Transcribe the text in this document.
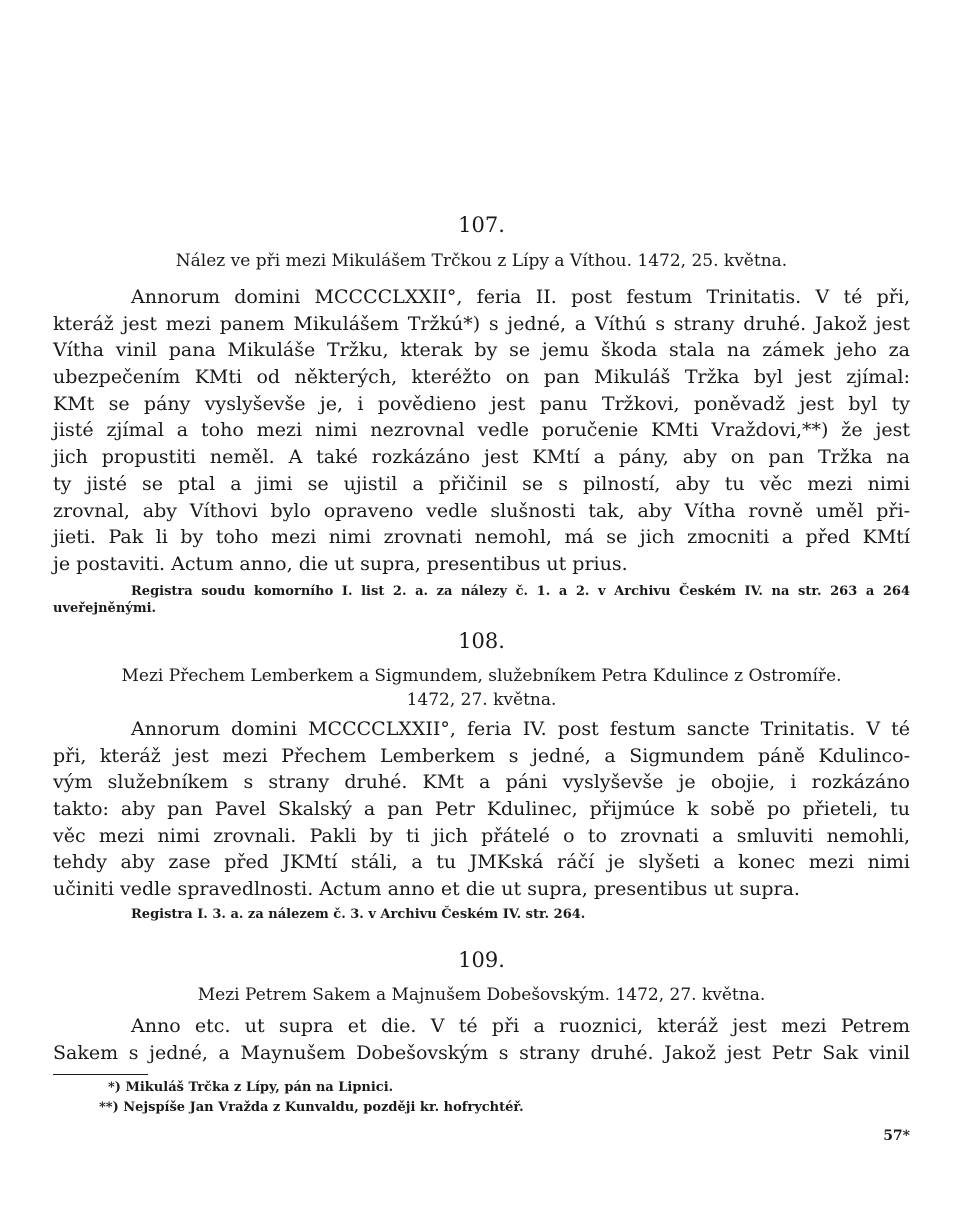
107.
Nález ve při mezi Mikulášem Trčkou z Lípy a Víthou. 1472, 25. května.
Annorum domini MCCCCLXXII°, feria II. post festum Trinitatis. V té při,
kteráž jest mezi panem Mikulášem Tržkú*) s jedné, a Víthú s strany druhé. Jakož jest
Vítha vinil pana Mikuláše Tržku, kterak by se jemu škoda stala na zámek jeho za
ubezpečením KMti od některých, kteréžto on pan Mikuláš Tržka byl jest zjímal:
KMt se pány vyslyševše je, i povědieno jest panu Tržkovi, poněvadž jest byl ty
jisté zjímal a toho mezi nimi nezrovnal vedle poručenie KMti Vraždovi,**) že jest
jich propustiti neměl. A také rozkázáno jest KMtí a pány, aby on pan Tržka na
ty jisté se ptal a jimi se ujistil a přičinil se s pilností, aby tu věc mezi nimi
zrovnal, aby Víthovi bylo opraveno vedle slušnosti tak, aby Vítha rovně uměl při-
jieti. Pak li by toho mezi nimi zrovnati nemohl, má se jich zmocniti a před KMtí
je postaviti. Actum anno, die ut supra, presentibus ut prius.
Registra soudu komorního I. list 2. a. za nálezy č. 1. a 2. v Archivu Českém IV. na str. 263 a 264
uveřejněnými.
108.
Mezi Přechem Lemberkem a Sigmundem, služebníkem Petra Kdulince z Ostromíře.
1472, 27. května.
Annorum domini MCCCCLXXII°, feria IV. post festum sancte Trinitatis. V té
při, kteráž jest mezi Přechem Lemberkem s jedné, a Sigmundem páně Kdulinco-
vým služebníkem s strany druhé. KMt a páni vyslyševše je obojie, i rozkázáno
takto: aby pan Pavel Skalský a pan Petr Kdulinec, přijmúce k sobě po přieteli, tu
věc mezi nimi zrovnali. Pakli by ti jich přátelé o to zrovnati a smluviti nemohli,
tehdy aby zase před JKMtí stáli, a tu JMKská ráčí je slyšeti a konec mezi nimi
učiniti vedle spravedlnosti. Actum anno et die ut supra, presentibus ut supra.
Registra I. 3. a. za nálezem č. 3. v Archivu Českém IV. str. 264.
109.
Mezi Petrem Sakem a Majnušem Dobešovským. 1472, 27. května.
Anno etc. ut supra et die. V té při a ruoznici, kteráž jest mezi Petrem
Sakem s jedné, a Maynušem Dobešovským s strany druhé. Jakož jest Petr Sak vinil
*) Mikuláš Trčka z Lípy, pán na Lipnici.
**) Nejspíše Jan Vražda z Kunvaldu, později kr. hofrychtéř.
57*
